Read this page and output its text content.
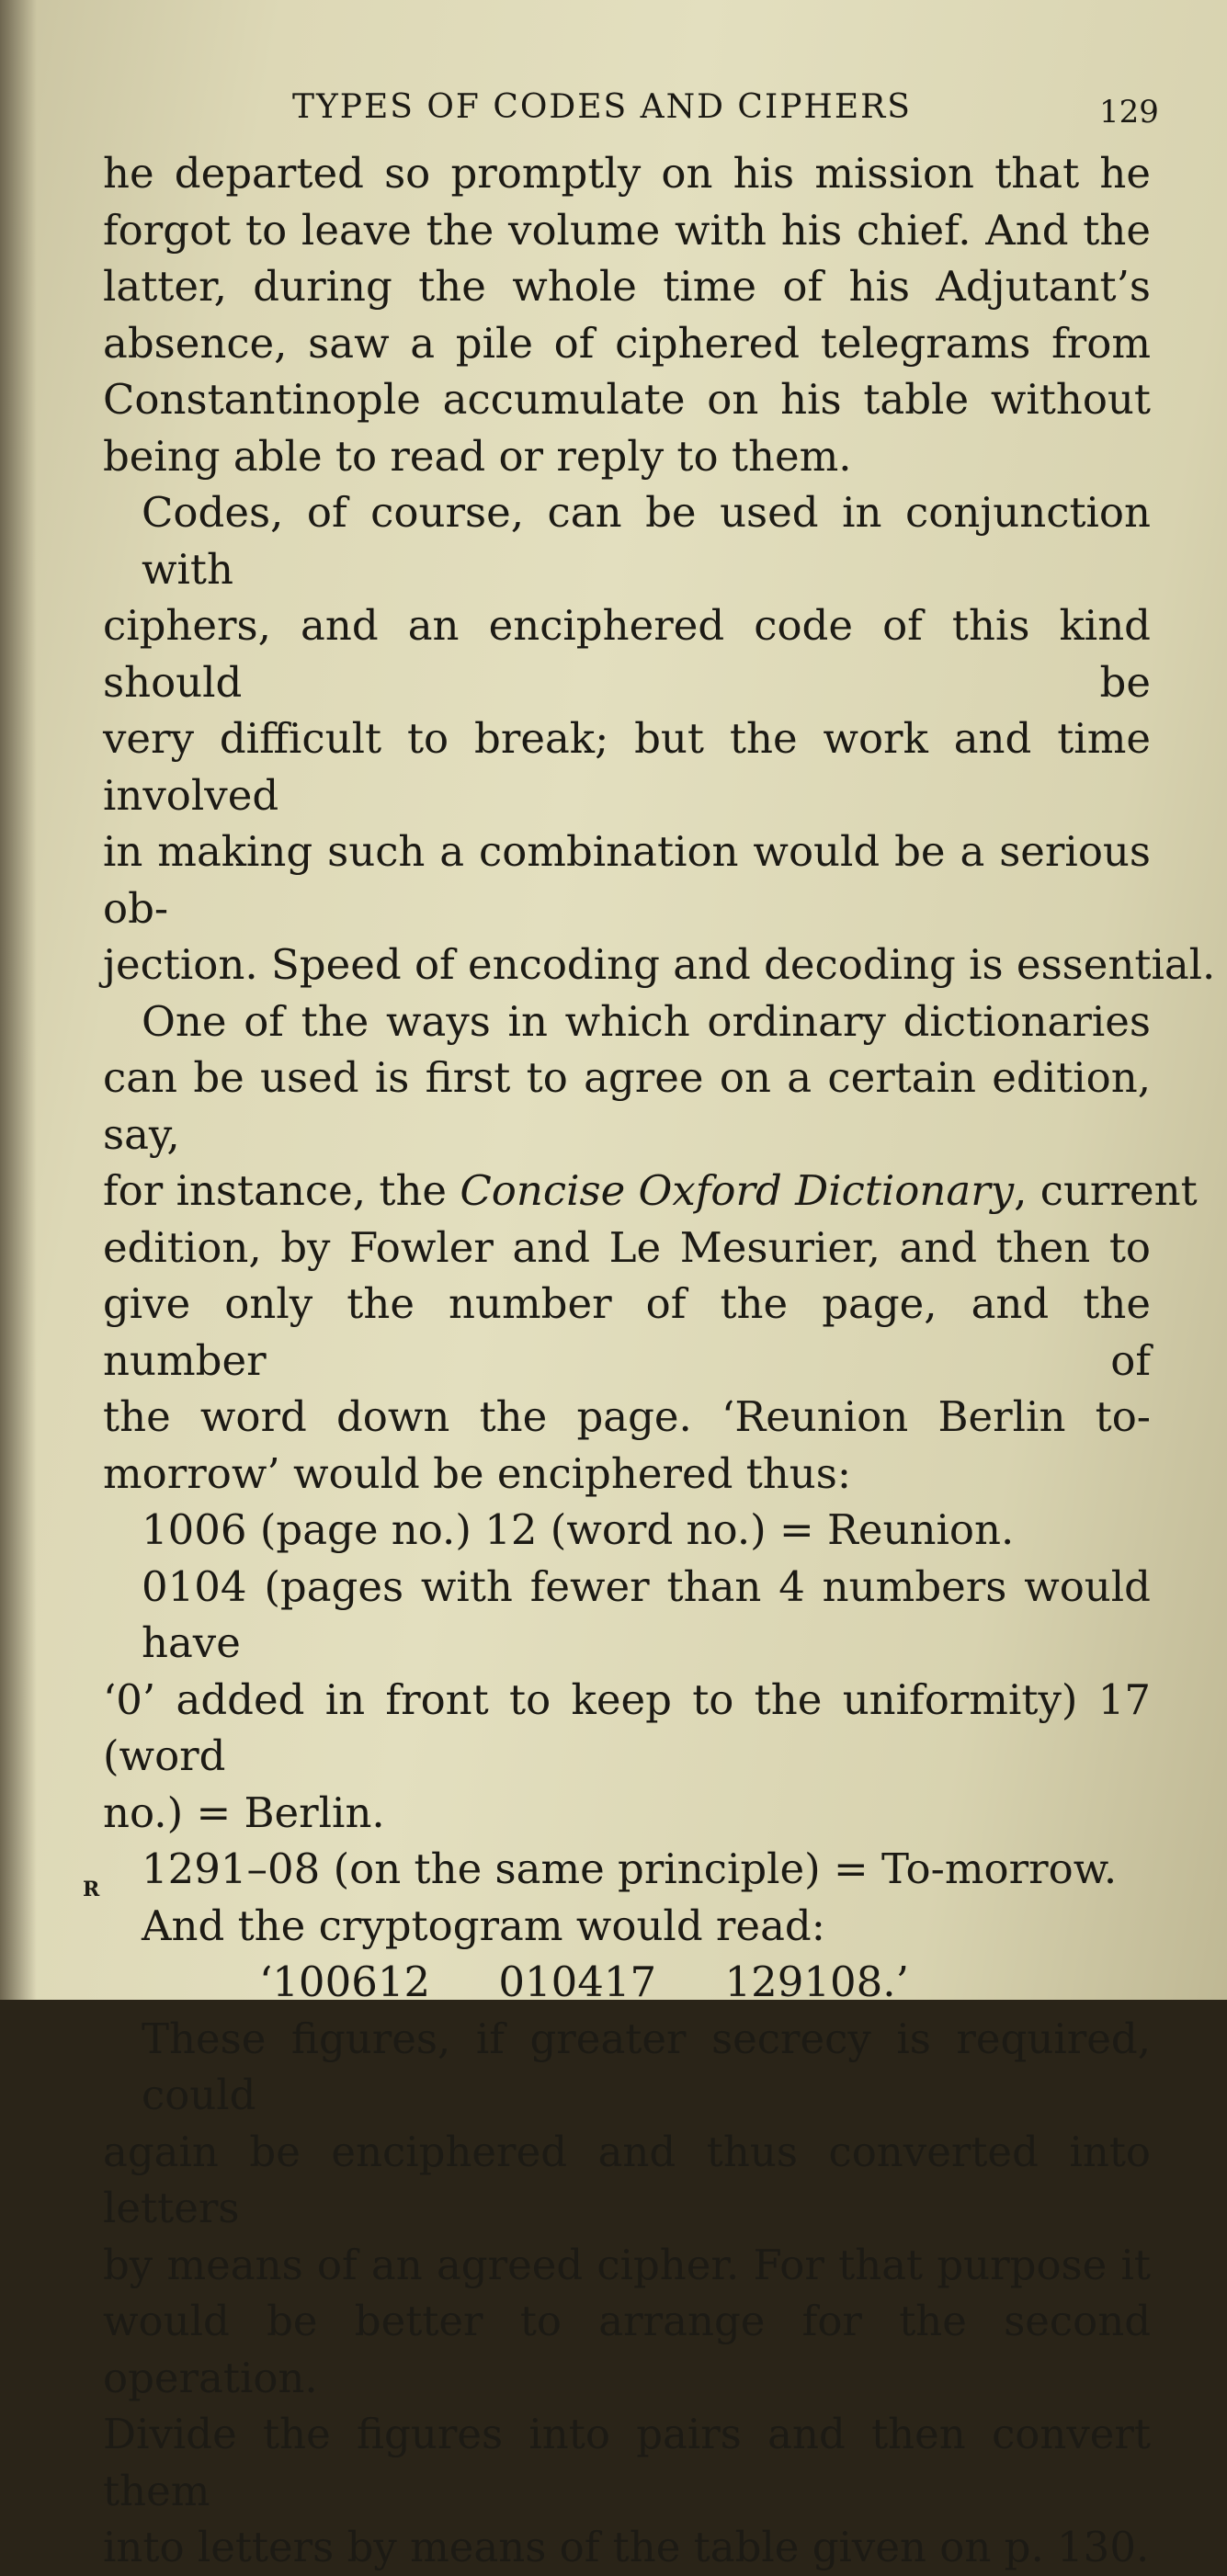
TYPES OF CODES AND CIPHERS	129
he departed so promptly on his mission that he
forgot to leave the volume with his chief. And the
latter, during the whole time of his Adjutant’s
absence, saw a pile of ciphered telegrams from
Constantinople accumulate on his table without
being able to read or reply to them.
Codes, of course, can be used in conjunction with
ciphers, and an enciphered code of this kind should be
very difficult to break; but the work and time involved
in making such a combination would be a serious ob-
jection. Speed of encoding and decoding is essential.
One of the ways in which ordinary dictionaries
can be used is first to agree on a certain edition, say,
for instance, the Concise Oxford Dictionary, current
edition, by Fowler and Le Mesurier, and then to
give only the number of the page, and the number of
the word down the page. ‘Reunion Berlin to-
morrow’ would be enciphered thus:
1006 (page no.) 12 (word no.) = Reunion.
0104 (pages with fewer than 4 numbers would have
‘0’ added in front to keep to the uniformity) 17 (word
no.) = Berlin.
1291–08 (on the same principle) = To-morrow.
And the cryptogram would read:
‘100612 010417 129108.’
These figures, if greater secrecy is required, could
again be enciphered and thus converted into letters
by means of an agreed cipher. For that purpose it
would be better to arrange for the second operation.
Divide the figures into pairs and then convert them
into letters by means of the table given on p. 130.
R
